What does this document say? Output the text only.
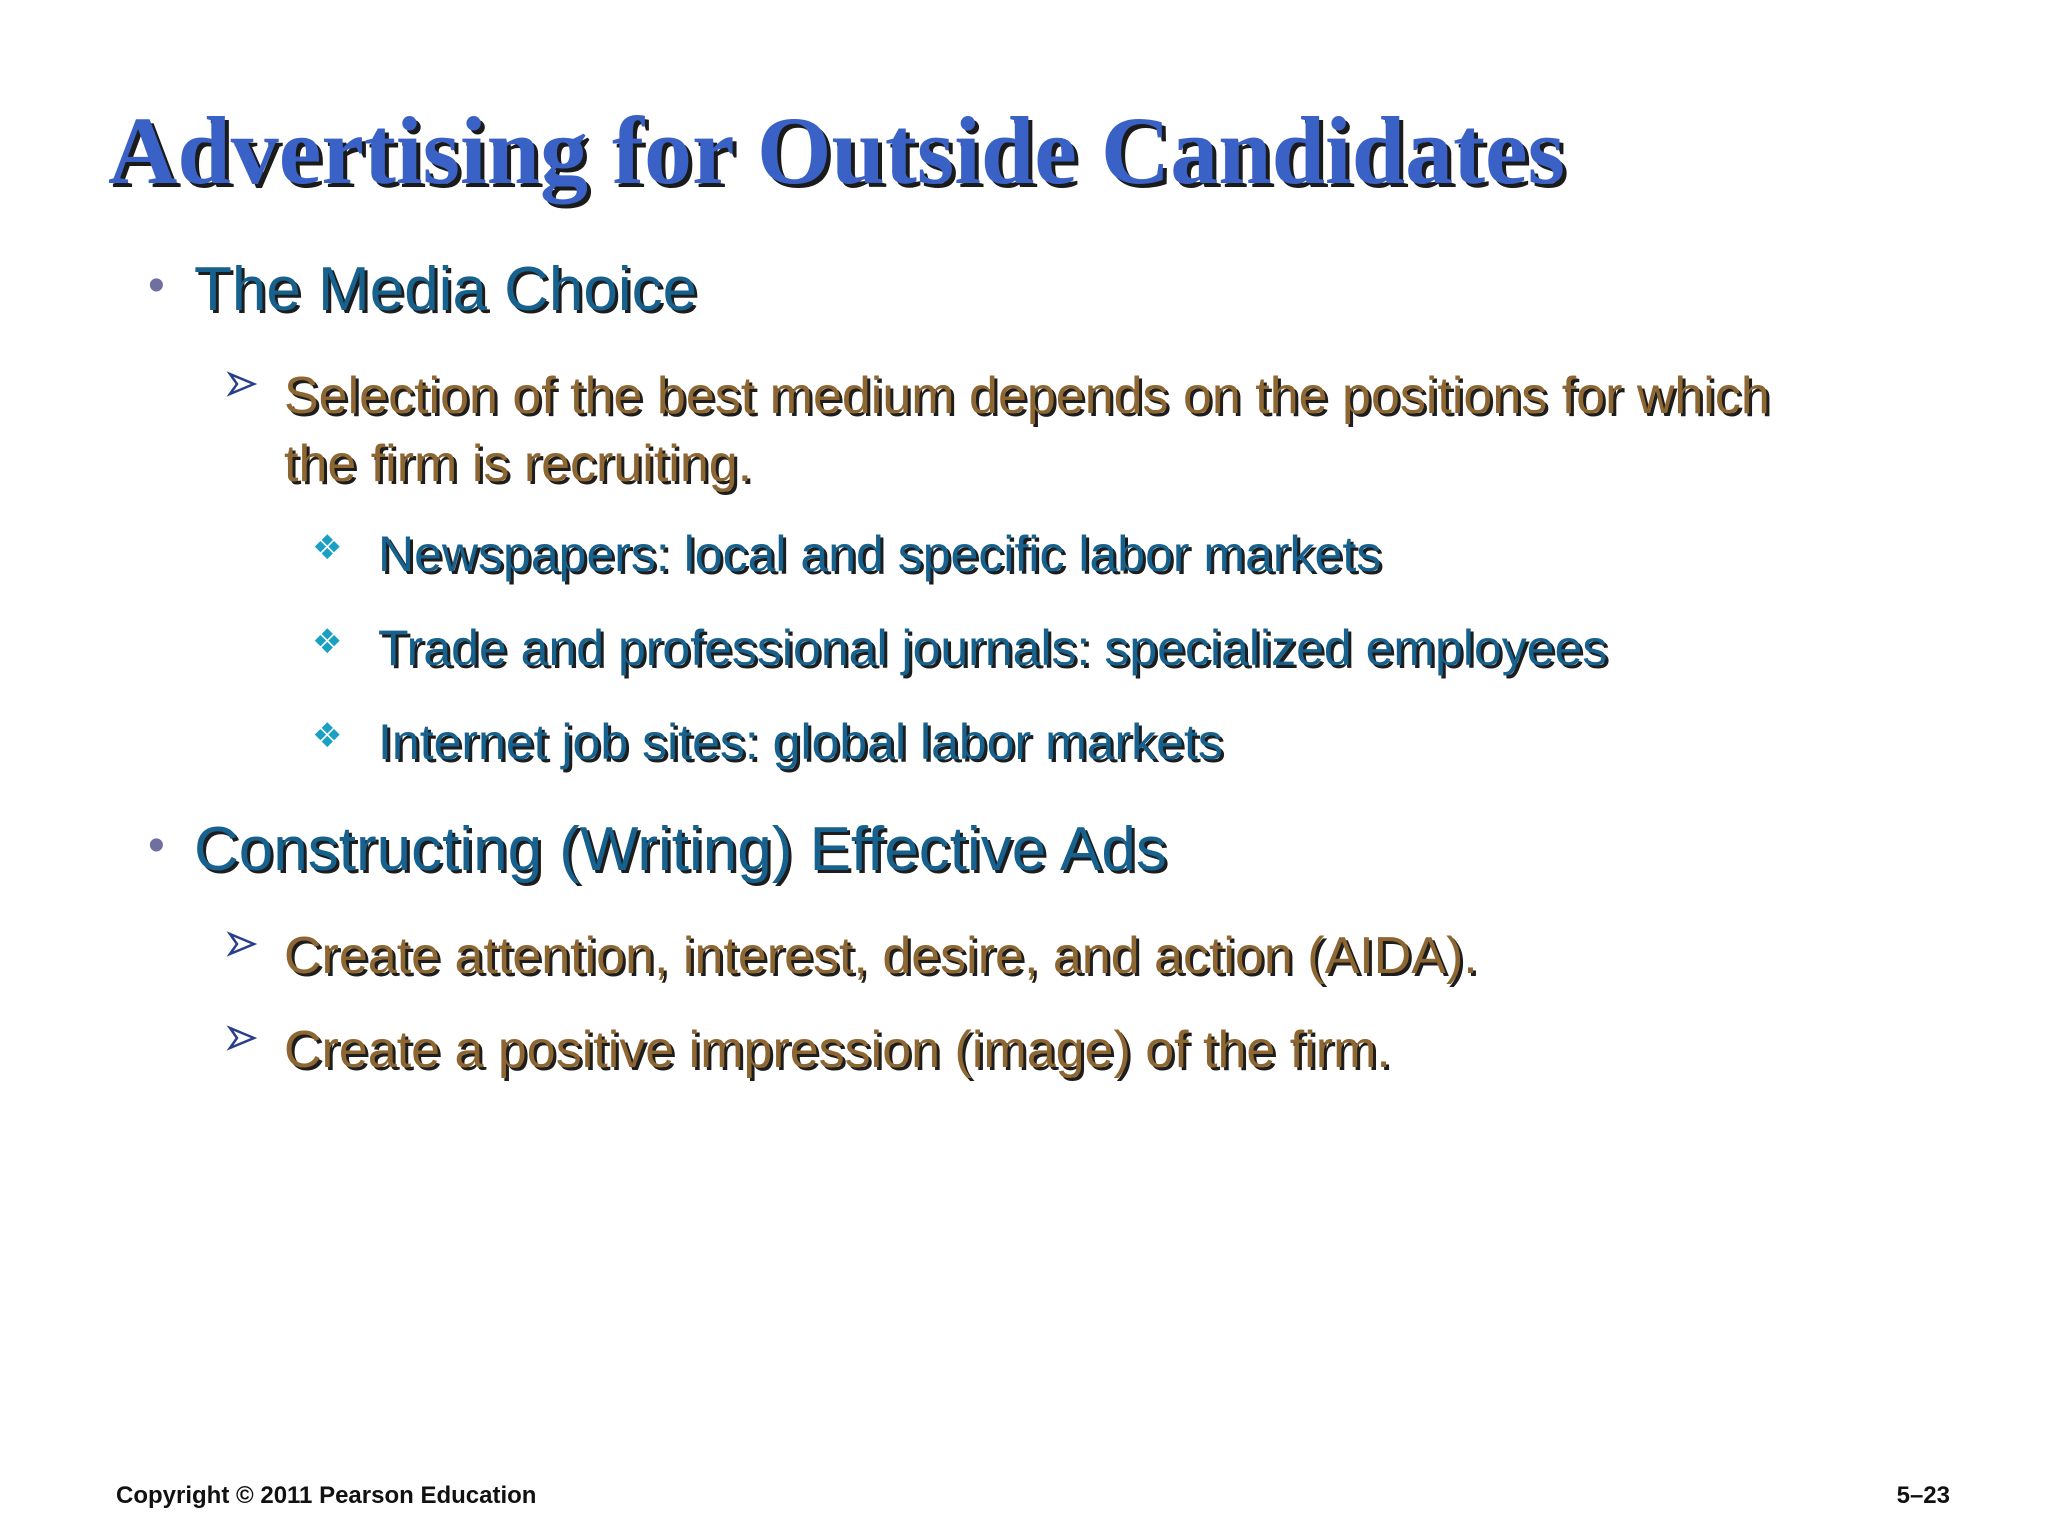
Advertising for Outside Candidates
• The Media Choice
Selection of the best medium depends on the positions for which
the firm is recruiting.
❖ Newspapers: local and specific labor markets
❖ Trade and professional journals: specialized employees
❖ Internet job sites: global labor markets
• Constructing (Writing) Effective Ads
Create attention, interest, desire, and action (AIDA).
Create a positive impression (image) of the firm.
Copyright © 2011 Pearson Education	5–23
